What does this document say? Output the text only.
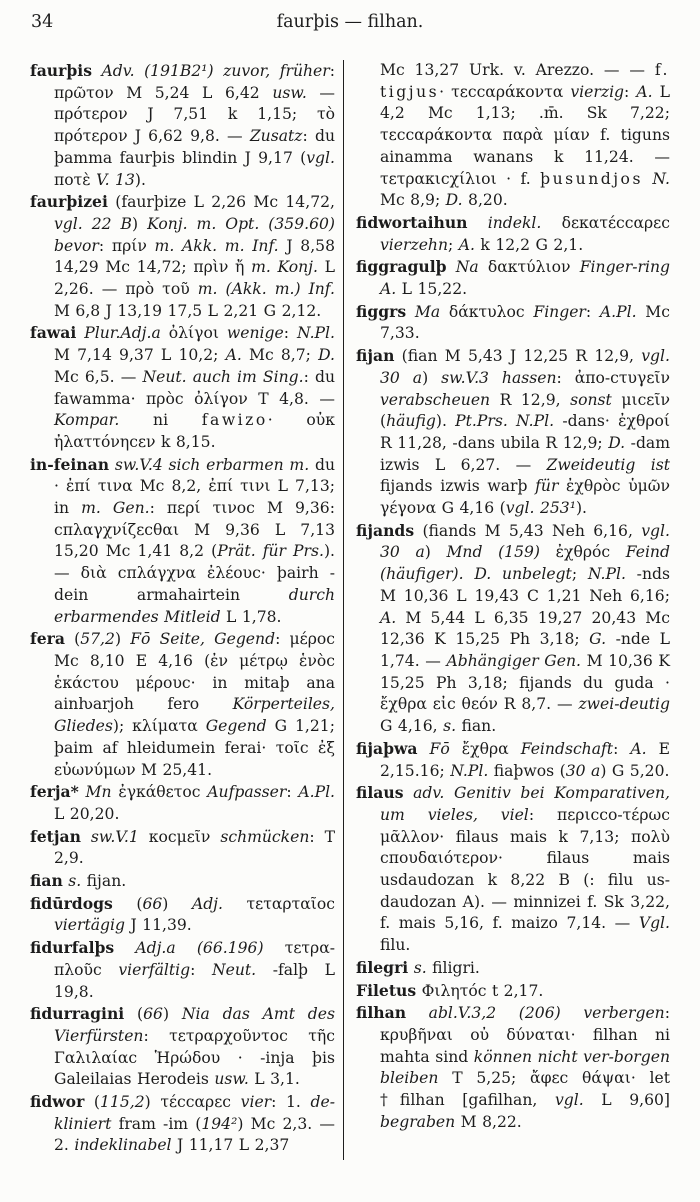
34	faurþis — filhan.

faurþis Adv. (191B2¹) zuvor, früher: πρῶτον M 5,24 L 6,42 usw. — πρότερον J 7,51 k 1,15; τὸ πρότερον J 6,62 9,8. — Zusatz: du þamma faurþis blindin J 9,17 (vgl. ποτὲ V. 13).

faurþizei (faurþize L 2,26 Mc 14,72, vgl. 22 B) Konj. m. Opt. (359.60) bevor: πρίν m. Akk. m. Inf. J 8,58 14,29 Mc 14,72; πρὶν ἤ m. Konj. L 2,26. — πρὸ τοῦ m. (Akk. m.) Inf. M 6,8 J 13,19 17,5 L 2,21 G 2,12.

fawai Plur.Adj.a ὀλίγοι wenige: N.Pl. M 7,14 9,37 L 10,2; A. Mc 8,7; D. Mc 6,5. — Neut. auch im Sing.: du fawamma· πρὸϲ ὀλίγον T 4,8. — Kompar. ni fawizo· οὐκ ἠλαττόνηϲεν k 8,15.

in-feinan sw.V.4 sich erbarmen m. du · ἐπί τινα Mc 8,2, ἐπί τινι L 7,13; in m. Gen.: περί τινοϲ M 9,36: ϲπλαγχνίζεϲθαι M 9,36 L 7,13 15,20 Mc 1,41 8,2 (Prät. für Prs.). — διὰ ϲπλάγχνα ἐλέουϲ· þairh -dein armahairtein durch erbarmendes Mitleid L 1,78.

fera (57,2) Fō Seite, Gegend: μέροϲ Mc 8,10 E 4,16 (ἐν μέτρῳ ἑνὸϲ ἑκάϲτου μέρουϲ· in mitaþ ana ainƕarjoh fero Körperteiles, Gliedes); κλίματα Gegend G 1,21; þaim af hleidumein ferai· τοῖϲ ἐξ εὐωνύμων M 25,41.

ferja* Mn ἐγκάθετοϲ Aufpasser: A.Pl. L 20,20.

fetjan sw.V.1 κοϲμεῖν schmücken: T 2,9.

fian s. fijan.

fidūrdogs (66) Adj. τεταρταῖοϲ viertägig J 11,39.

fidurfalþs Adj.a (66.196) τετρα-πλοῦϲ vierfältig: Neut. -falþ L 19,8.

fidurragini (66) Nia das Amt des Vierfürsten: τετραρχοῦντοϲ τῆϲ Γαλιλαίαϲ Ἡρώδου · -inja þis Galeilaias Herodeis usw. L 3,1.

fidwor (115,2) τέϲϲαρεϲ vier: 1. de-kliniert fram -im (194²) Mc 2,3. — 2. indeklinabel J 11,17 L 2,37

Mc 13,27 Urk. v. Arezzo. — — f. tigjus· τεϲϲαράκοντα vierzig: A. L 4,2 Mc 1,13; .m̄. Sk 7,22; τεϲϲαράκοντα παρὰ μίαν f. tiguns ainamma wanans k 11,24. — τετρακιϲχίλιοι · f. þusundjos N. Mc 8,9; D. 8,20.

fidwortaihun indekl. δεκατέϲϲαρεϲ vierzehn; A. k 12,2 G 2,1.

figgragulþ Na δακτύλιον Finger-ring A. L 15,22.

figgrs Ma δάκτυλοϲ Finger: A.Pl. Mc 7,33.

fijan (fian M 5,43 J 12,25 R 12,9, vgl. 30 a) sw.V.3 hassen: ἀπο-ϲτυγεῖν verabscheuen R 12,9, sonst μιϲεῖν (häufig). Pt.Prs. N.Pl. -dans· ἐχθροί R 11,28, -dans ubila R 12,9; D. -dam izwis L 6,27. — Zweideutig ist fijands izwis warþ für ἐχθρὸϲ ὑμῶν γέγονα G 4,16 (vgl. 253¹).

fijands (fiands M 5,43 Neh 6,16, vgl. 30 a) Mnd (159) ἐχθρόϲ Feind (häufiger). D. unbelegt; N.Pl. -nds M 10,36 L 19,43 C 1,21 Neh 6,16; A. M 5,44 L 6,35 19,27 20,43 Mc 12,36 K 15,25 Ph 3,18; G. -nde L 1,74. — Abhängiger Gen. M 10,36 K 15,25 Ph 3,18; fijands du guda · ἔχθρα εἰϲ θεόν R 8,7. — zwei-deutig G 4,16, s. fian.

fijaþwa Fō ἔχθρα Feindschaft: A. E 2,15.16; N.Pl. fiaþwos (30 a) G 5,20.

filaus adv. Genitiv bei Komparativen, um vieles, viel: περιϲϲο-τέρωϲ μᾶλλον· filaus mais k 7,13; πολὺ ϲπουδαιότερον· filaus mais usdaudozan k 8,22 B (: filu us-daudozan A). — minnizei f. Sk 3,22, f. mais 5,16, f. maizo 7,14. — Vgl. filu.

filegri s. filigri.

Filetus Φιλητόϲ t 2,17.

filhan abl.V.3,2 (206) verbergen: κρυβῆναι οὐ δύναται· filhan ni mahta sind können nicht ver-borgen bleiben T 5,25; ἄφεϲ θάψαι· let †filhan [gafilhan, vgl. L 9,60] begraben M 8,22.
